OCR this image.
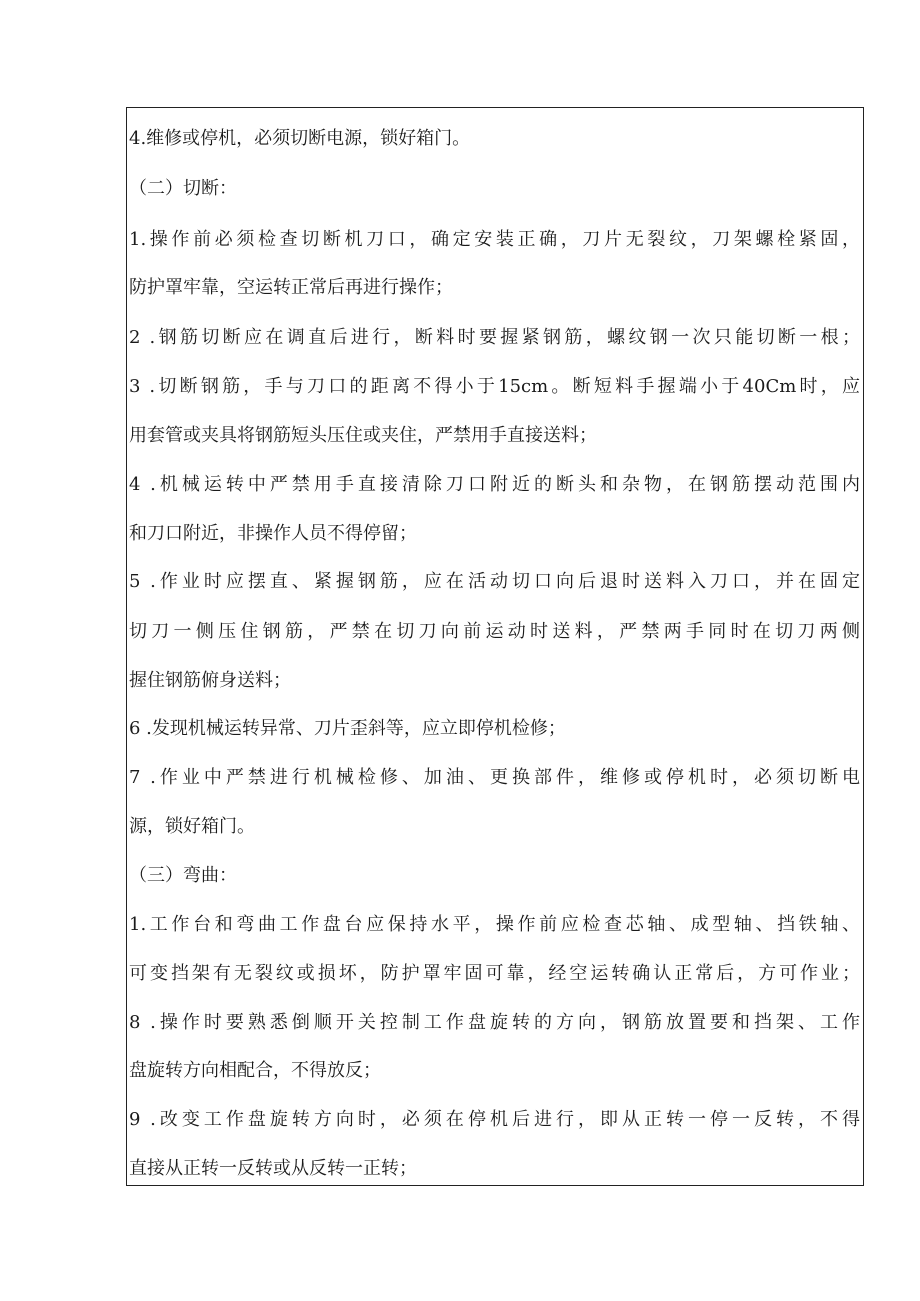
4.维修或停机，必须切断电源，锁好箱门。
（二）切断：
1.操作前必须检查切断机刀口，确定安装正确，刀片无裂纹，刀架螺栓紧固，
防护罩牢靠，空运转正常后再进行操作；
2 .钢筋切断应在调直后进行，断料时要握紧钢筋，螺纹钢一次只能切断一根；
3 .切断钢筋，手与刀口的距离不得小于15cm。断短料手握端小于40Cm时，应
用套管或夹具将钢筋短头压住或夹住，严禁用手直接送料；
4 .机械运转中严禁用手直接清除刀口附近的断头和杂物，在钢筋摆动范围内
和刀口附近，非操作人员不得停留；
5 .作业时应摆直、紧握钢筋，应在活动切口向后退时送料入刀口，并在固定
切刀一侧压住钢筋，严禁在切刀向前运动时送料，严禁两手同时在切刀两侧
握住钢筋俯身送料；
6 .发现机械运转异常、刀片歪斜等，应立即停机检修；
7 .作业中严禁进行机械检修、加油、更换部件，维修或停机时，必须切断电
源，锁好箱门。
（三）弯曲：
1.工作台和弯曲工作盘台应保持水平，操作前应检查芯轴、成型轴、挡铁轴、
可变挡架有无裂纹或损坏，防护罩牢固可靠，经空运转确认正常后，方可作业；
8 .操作时要熟悉倒顺开关控制工作盘旋转的方向，钢筋放置要和挡架、工作
盘旋转方向相配合，不得放反；
9 .改变工作盘旋转方向时，必须在停机后进行，即从正转一停一反转，不得
直接从正转一反转或从反转一正转；
